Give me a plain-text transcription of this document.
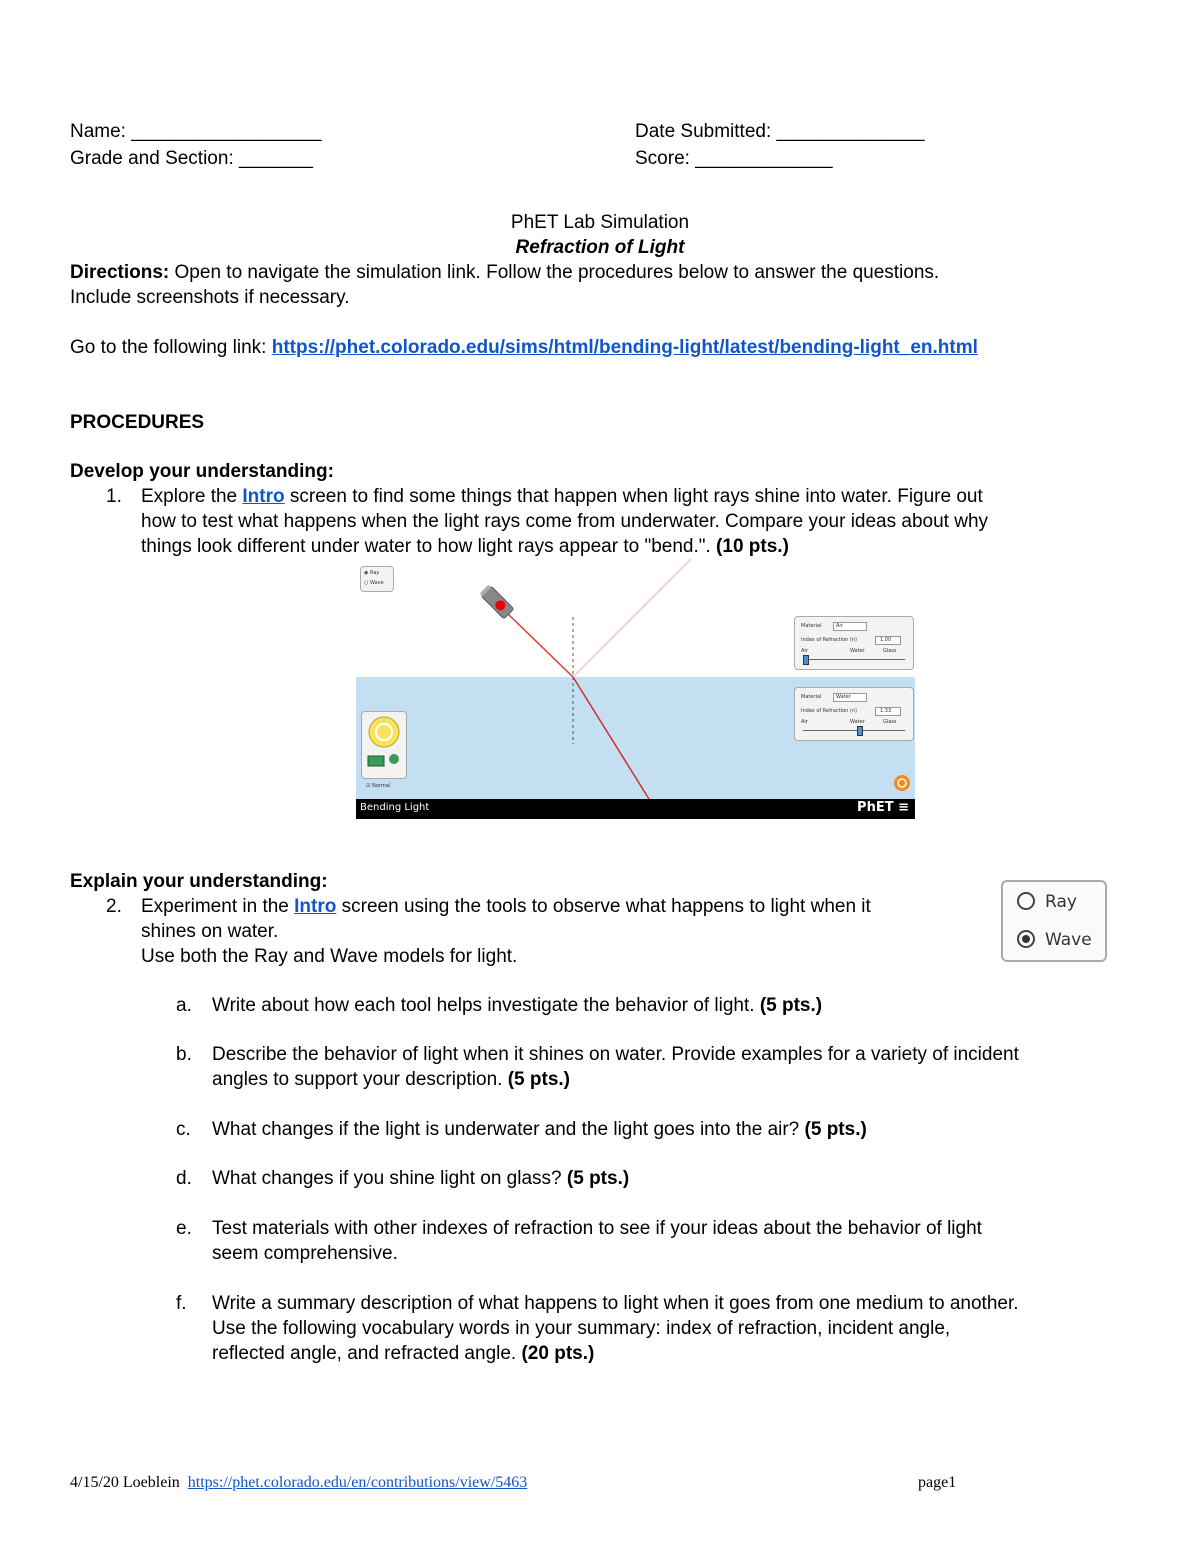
Name: __________________	Date Submitted: ______________
Grade and Section: _______	Score: _____________
PhET Lab Simulation
Refraction of Light
Directions: Open to navigate the simulation link. Follow the procedures below to answer the questions.
Include screenshots if necessary.
Go to the following link: https://phet.colorado.edu/sims/html/bending-light/latest/bending-light_en.html
PROCEDURES
Develop your understanding:
1. Explore the Intro screen to find some things that happen when light rays shine into water. Figure out
how to test what happens when the light rays come from underwater. Compare your ideas about why
things look different under water to how light rays appear to "bend.". (10 pts.)
◉ Ray
○ Wave
Material	Air
Index of Refraction (n)	1.00
Air	Water	Glass
Material	Water
Index of Refraction (n)	1.33
Air	Water	Glass
☑ Normal
Bending Light	PhET ≡
Explain your understanding:
2. Experiment in the Intro screen using the tools to observe what happens to light when it
shines on water.
Use both the Ray and Wave models for light.
Ray
Wave
a. Write about how each tool helps investigate the behavior of light. (5 pts.)
b. Describe the behavior of light when it shines on water. Provide examples for a variety of incident
angles to support your description. (5 pts.)
c. What changes if the light is underwater and the light goes into the air? (5 pts.)
d. What changes if you shine light on glass? (5 pts.)
e. Test materials with other indexes of refraction to see if your ideas about the behavior of light
seem comprehensive.
f. Write a summary description of what happens to light when it goes from one medium to another.
Use the following vocabulary words in your summary: index of refraction, incident angle,
reflected angle, and refracted angle. (20 pts.)
4/15/20 Loeblein  https://phet.colorado.edu/en/contributions/view/5463	page1
